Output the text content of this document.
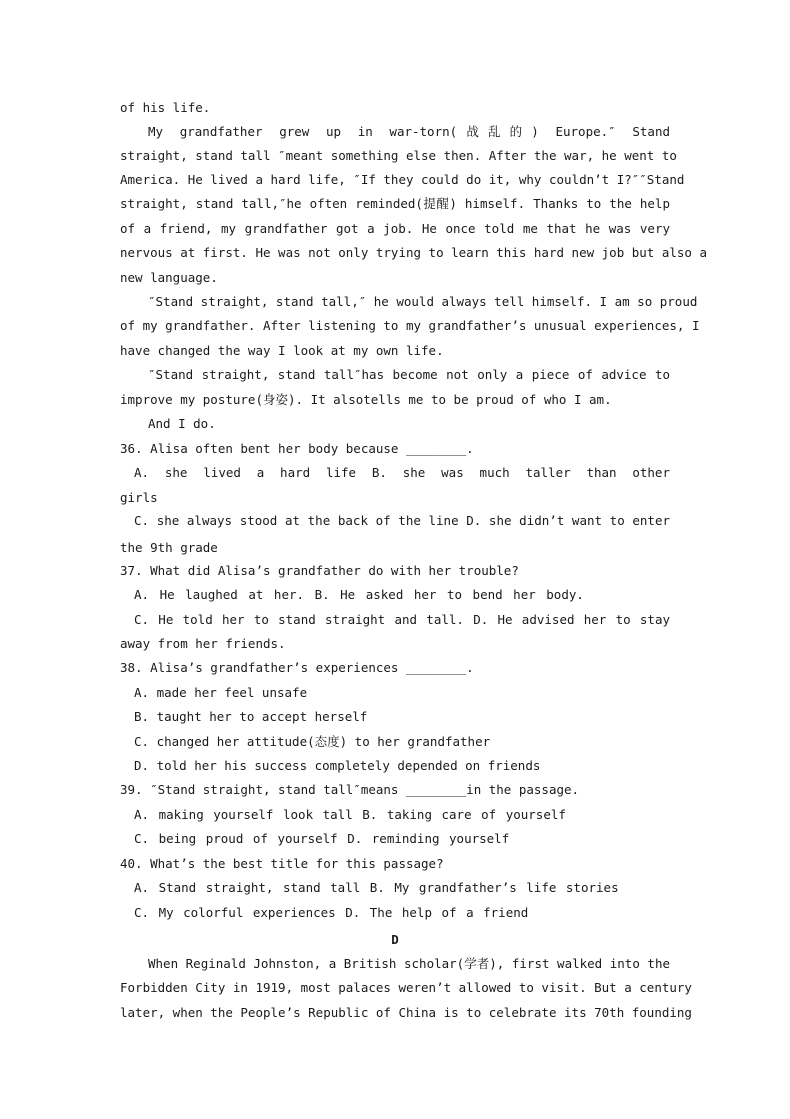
of his life.
My grandfather grew up in war-torn(战乱的) Europe.″ Stand
straight, stand tall ″meant something else then. After the war, he went to
America. He lived a hard life, ″If they could do it, why couldn’t I?″″Stand
straight, stand tall,″he often reminded(提醒) himself. Thanks to the help
of a friend, my grandfather got a job. He once told me that he was very
nervous at first. He was not only trying to learn this hard new job but also a
new language.
″Stand straight, stand tall,″ he would always tell himself. I am so proud
of my grandfather. After listening to my grandfather’s unusual experiences, I
have changed the way I look at my own life.
″Stand straight, stand tall″has become not only a piece of advice to
improve my posture(身姿). It alsotells me to be proud of who I am.
And I do.
36. Alisa often bent her body because ________.
A. she lived a hard life B. she was much taller than other
girls
C. she always stood at the back of the line D. she didn’t want to enter
the 9th grade
37. What did Alisa’s grandfather do with her trouble?
A. He laughed at her. B. He asked her to bend her body.
C. He told her to stand straight and tall. D. He advised her to stay
away from her friends.
38. Alisa’s grandfather’s experiences ________.
A. made her feel unsafe
B. taught her to accept herself
C. changed her attitude(态度) to her grandfather
D. told her his success completely depended on friends
39. ″Stand straight, stand tall″means ________in the passage.
A. making yourself look tall B. taking care of yourself
C. being proud of yourself D. reminding yourself
40. What’s the best title for this passage?
A. Stand straight, stand tall B. My grandfather’s life stories
C. My colorful experiences D. The help of a friend
D
When Reginald Johnston, a British scholar(学者), first walked into the
Forbidden City in 1919, most palaces weren’t allowed to visit. But a century
later, when the People’s Republic of China is to celebrate its 70th founding
